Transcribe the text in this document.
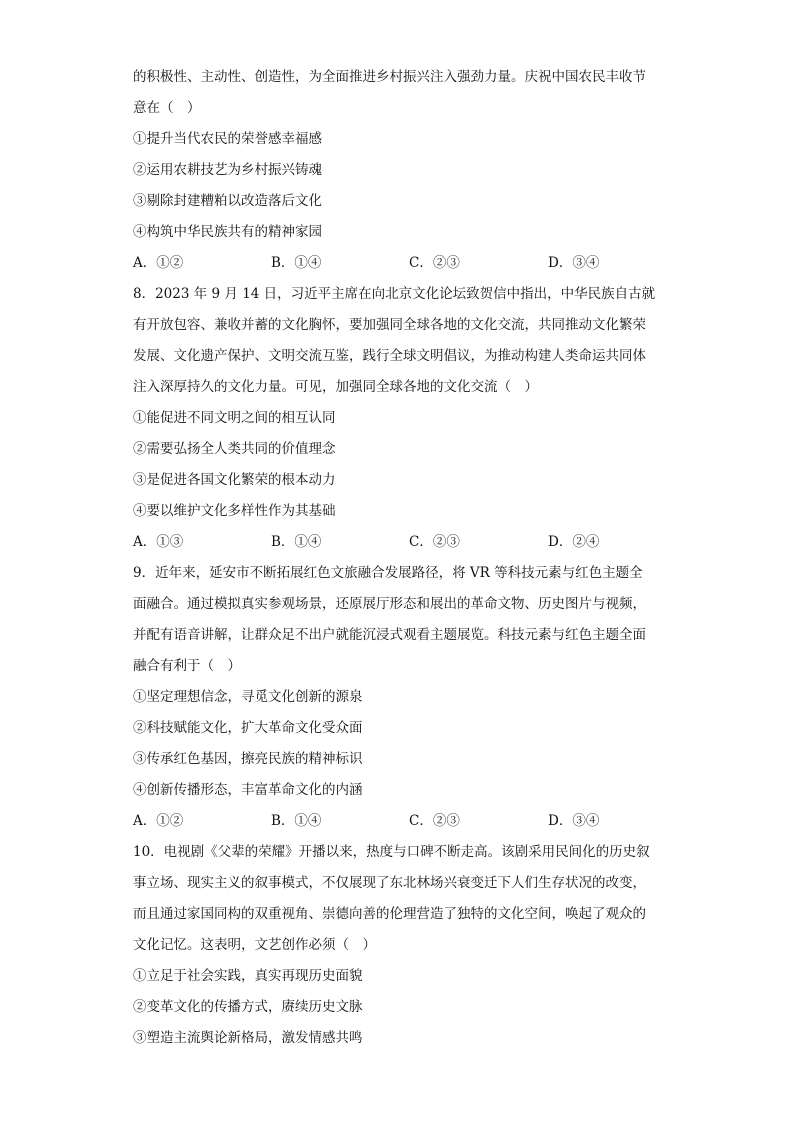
的积极性、主动性、创造性，为全面推进乡村振兴注入强劲力量。庆祝中国农民丰收节
意在（　）
①提升当代农民的荣誉感幸福感
②运用农耕技艺为乡村振兴铸魂
③剔除封建糟粕以改造落后文化
④构筑中华民族共有的精神家园
A．①②	B．①④	C．②③	D．③④
8．2023 年 9 月 14 日，习近平主席在向北京文化论坛致贺信中指出，中华民族自古就
有开放包容、兼收并蓄的文化胸怀，要加强同全球各地的文化交流，共同推动文化繁荣
发展、文化遗产保护、文明交流互鉴，践行全球文明倡议，为推动构建人类命运共同体
注入深厚持久的文化力量。可见，加强同全球各地的文化交流（　）
①能促进不同文明之间的相互认同
②需要弘扬全人类共同的价值理念
③是促进各国文化繁荣的根本动力
④要以维护文化多样性作为其基础
A．①③	B．①④	C．②③	D．②④
9．近年来，延安市不断拓展红色文旅融合发展路径，将 VR 等科技元素与红色主题全
面融合。通过模拟真实参观场景，还原展厅形态和展出的革命文物、历史图片与视频，
并配有语音讲解，让群众足不出户就能沉浸式观看主题展览。科技元素与红色主题全面
融合有利于（　）
①坚定理想信念，寻觅文化创新的源泉
②科技赋能文化，扩大革命文化受众面
③传承红色基因，擦亮民族的精神标识
④创新传播形态，丰富革命文化的内涵
A．①②	B．①④	C．②③	D．③④
10．电视剧《父辈的荣耀》开播以来，热度与口碑不断走高。该剧采用民间化的历史叙
事立场、现实主义的叙事模式，不仅展现了东北林场兴衰变迁下人们生存状况的改变，
而且通过家国同构的双重视角、崇德向善的伦理营造了独特的文化空间，唤起了观众的
文化记忆。这表明，文艺创作必须（　）
①立足于社会实践，真实再现历史面貌
②变革文化的传播方式，赓续历史文脉
③塑造主流舆论新格局，激发情感共鸣
